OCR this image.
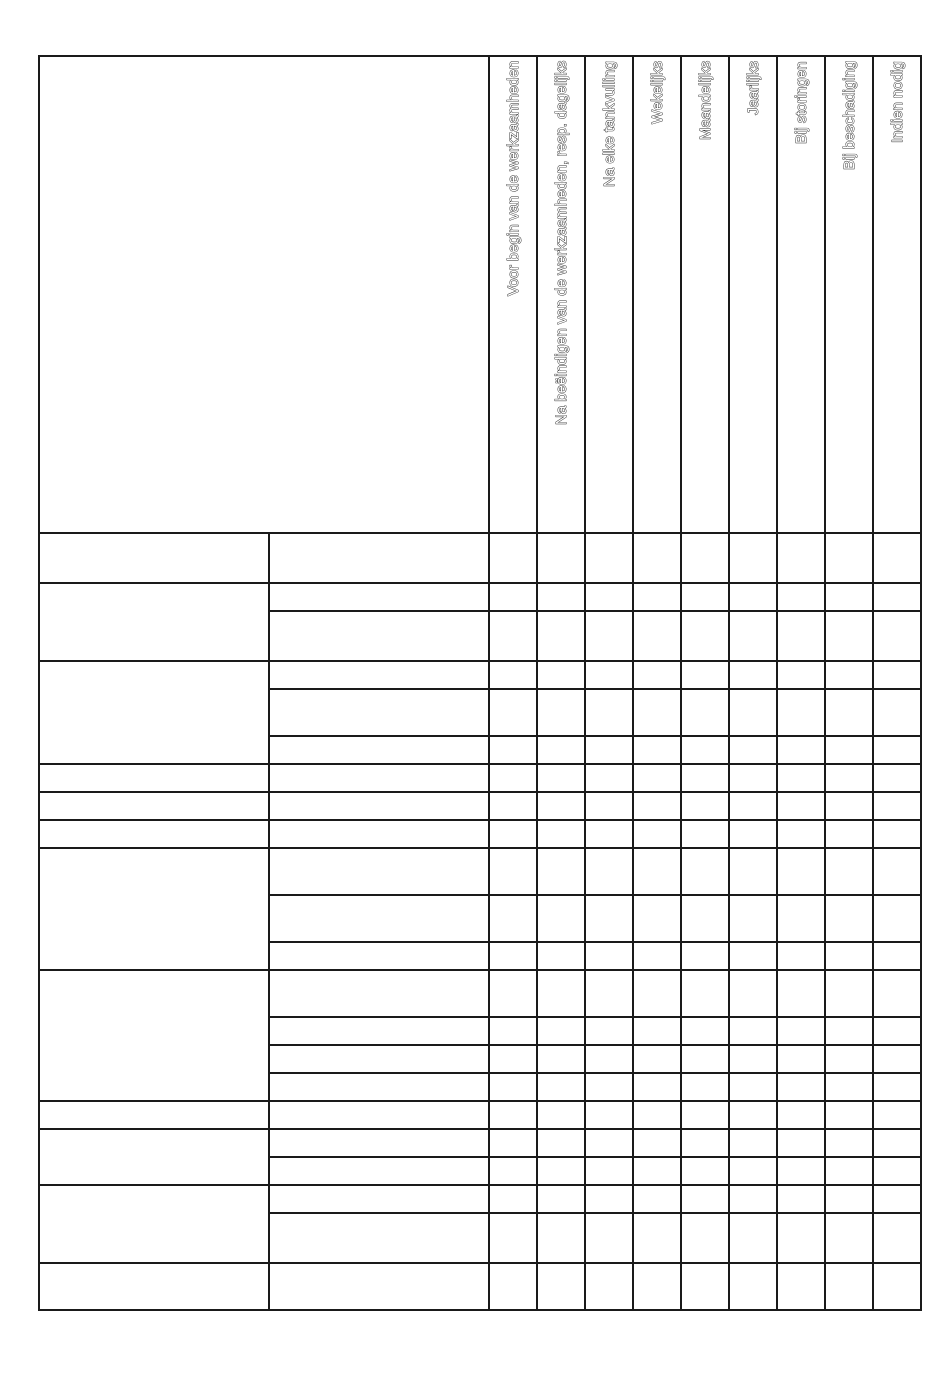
Voor begin van de werkzaamheden Na beëindigen van de werkzaamheden, resp. dagelijks Na elke tankvulling Wekelijks Maandelijks Jaarlijks Bij storingen Bij beschadiging Indien nodig
